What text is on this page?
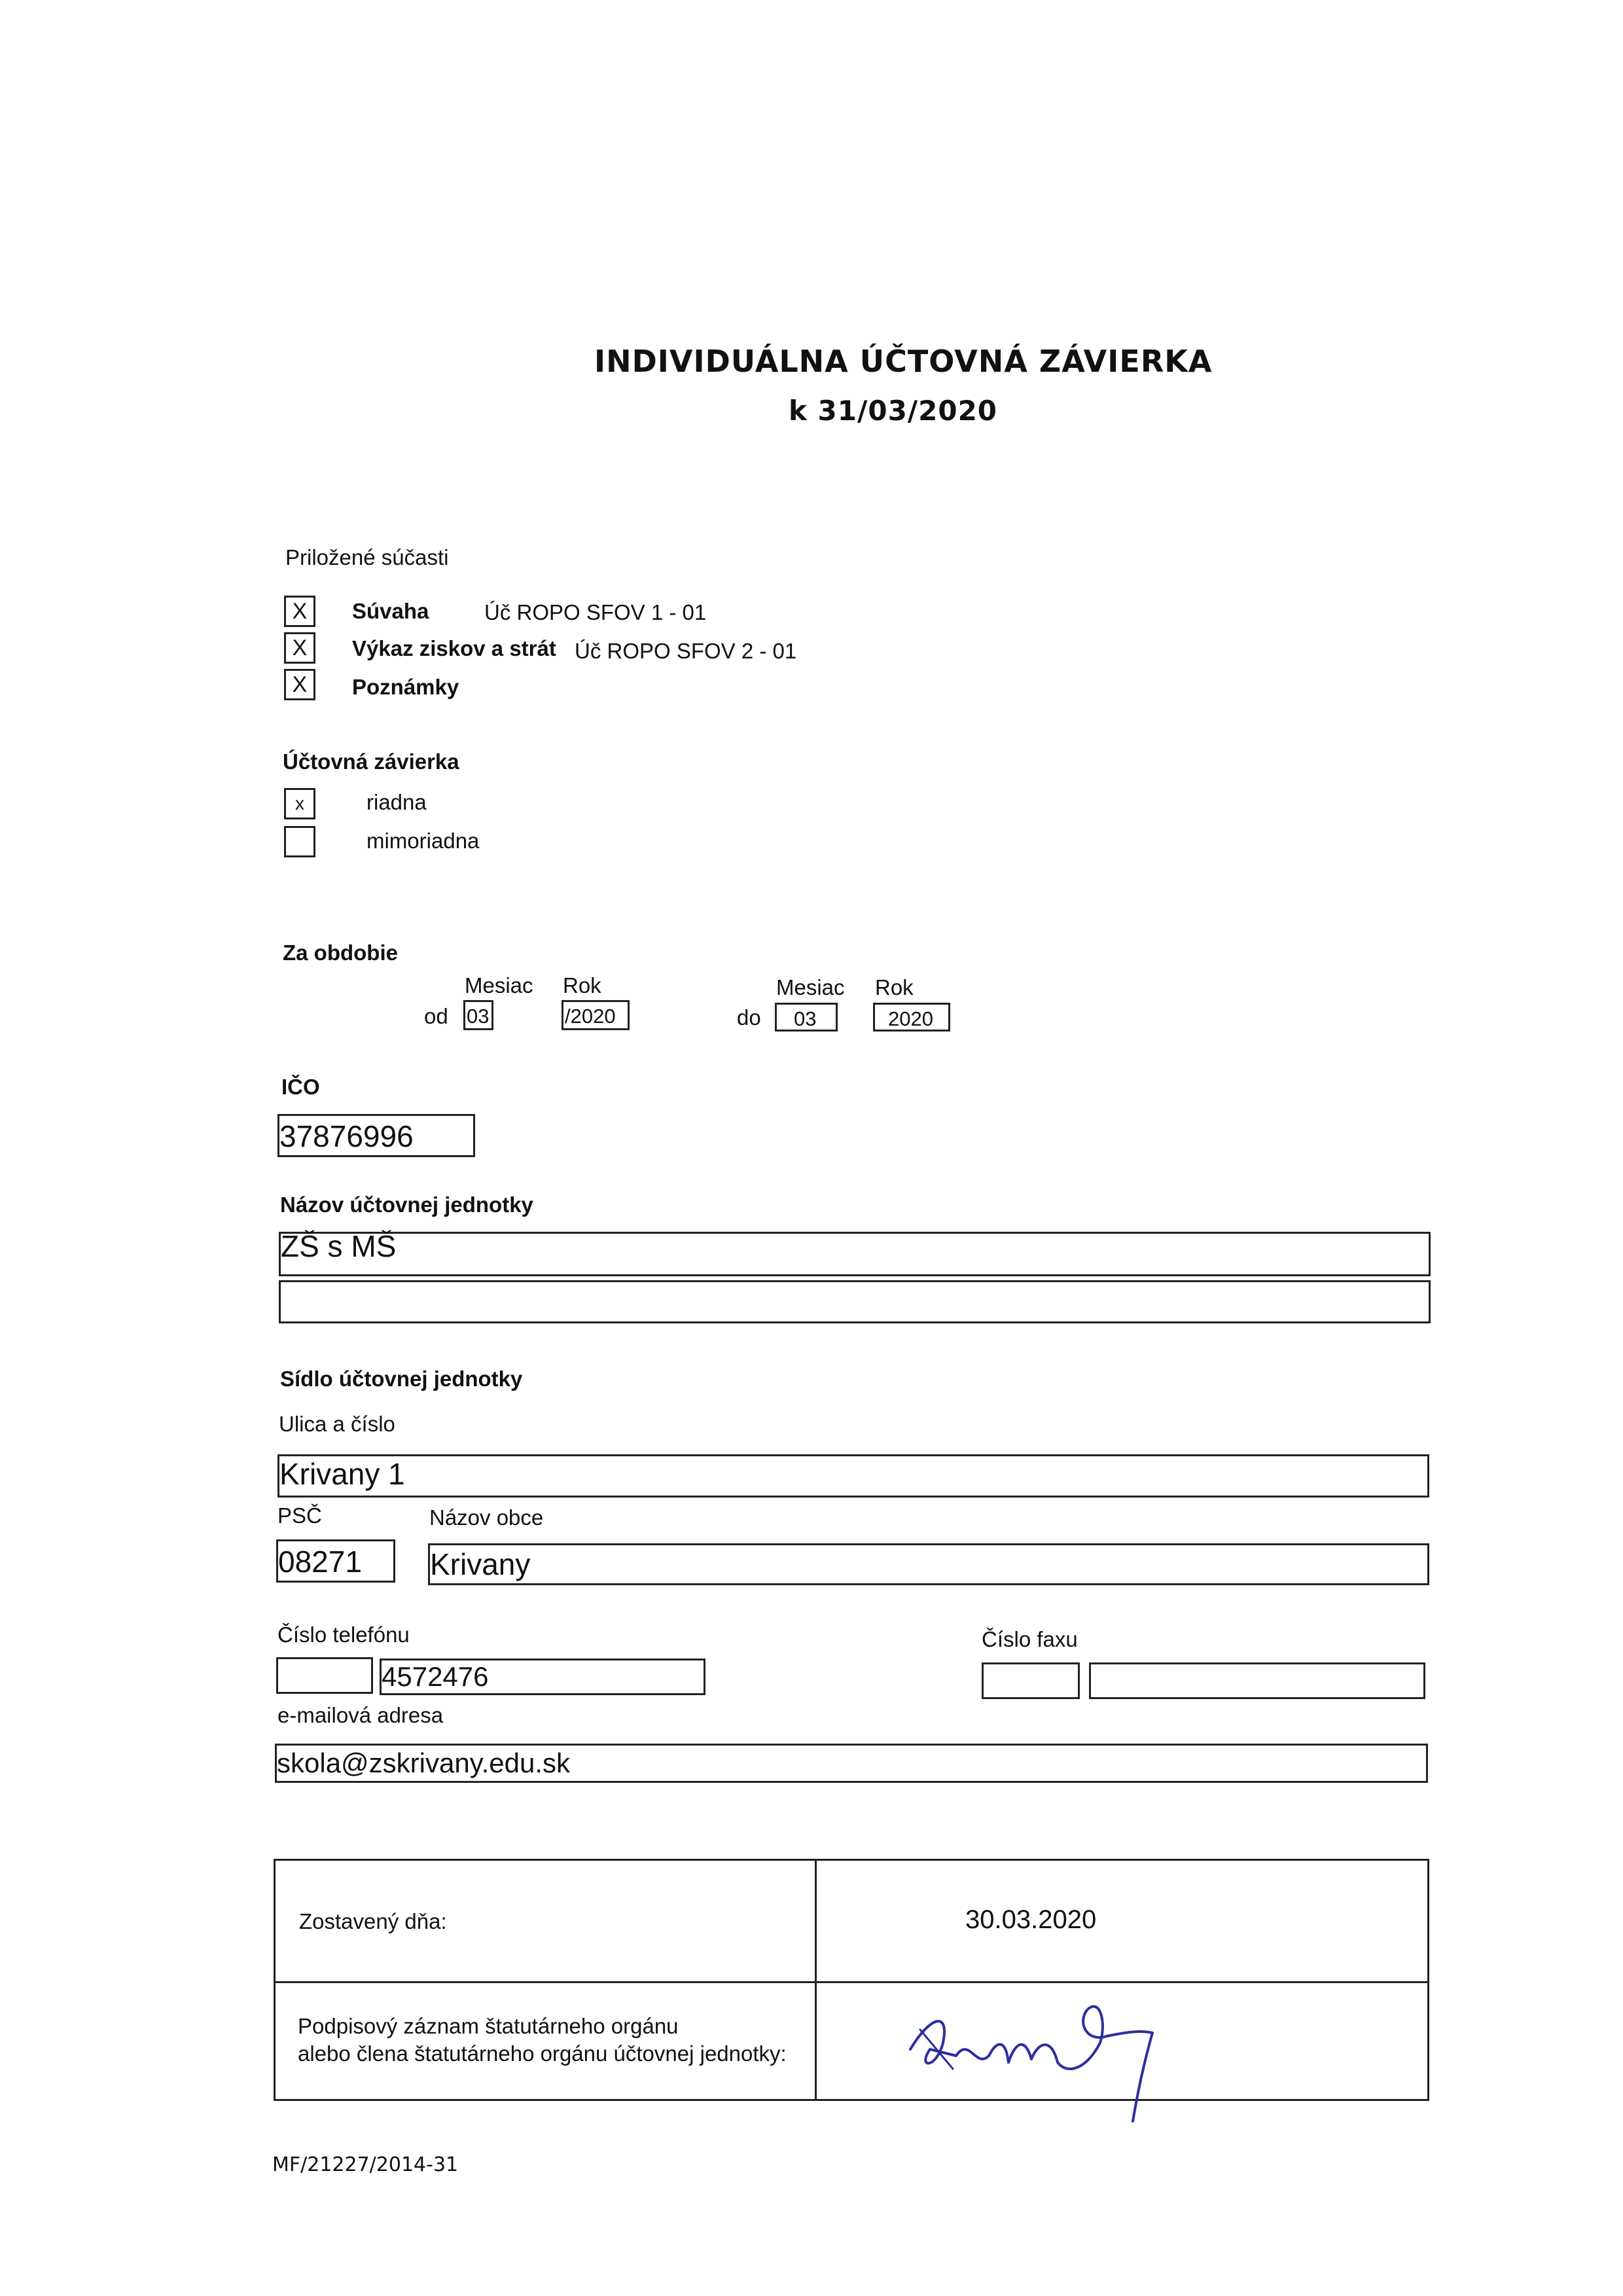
INDIVIDUÁLNA ÚČTOVNÁ ZÁVIERKA
k 31/03/2020
Priložené súčasti
X	Súvaha	Úč ROPO SFOV 1 - 01
X	Výkaz ziskov a strát Úč ROPO SFOV 2 - 01
X	Poznámky
Účtovná závierka
x	riadna
mimoriadna
Za obdobie
Mesiac Rok	Mesiac Rok
od 03	/2020	do 03	2020
IČO
37876996
Názov účtovnej jednotky
ZŠ s MŠ
Sídlo účtovnej jednotky
Ulica a číslo
Krivany 1
PSČ	Názov obce
08271 Krivany
Číslo telefónu	Číslo faxu
4572476
e-mailová adresa
skola@zskrivany.edu.sk
Zostavený dňa:	30.03.2020
Podpisový záznam štatutárneho orgánu
alebo člena štatutárneho orgánu účtovnej jednotky:
MF/21227/2014-31
